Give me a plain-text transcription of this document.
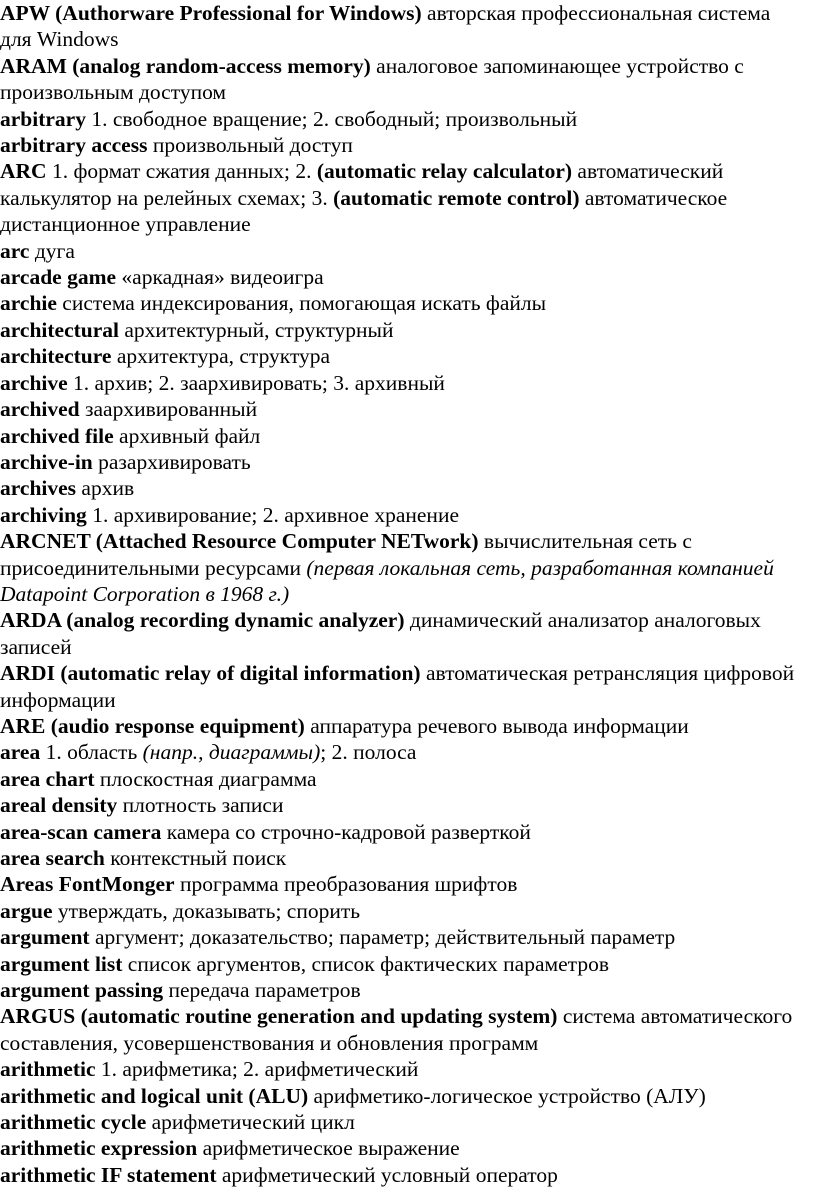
APW (Authorware Professional for Windows) авторская профессиональная система для Windows

ARAM (analog random-access memory) аналоговое запоминающее устройство с произвольным доступом

arbitrary 1. свободное вращение; 2. свободный; произвольный

arbitrary access произвольный доступ

ARC 1. формат сжатия данных; 2. (automatic relay calculator) автоматический калькулятор на релейных схемах; 3. (automatic remote control) автоматическое дистанционное управление

arc дуга

arcade game «аркадная» видеоигра

archie система индексирования, помогающая искать файлы

architectural архитектурный, структурный

architecture архитектура, структура

archive 1. архив; 2. заархивировать; 3. архивный

archived заархивированный

archived file архивный файл

archive-in разархивировать

archives архив

archiving 1. архивирование; 2. архивное хранение

ARCNET (Attached Resource Computer NETwork) вычислительная сеть с присоединительными ресурсами (первая локальная сеть, разработанная компанией Datapoint Corporation в 1968 г.)

ARDA (analog recording dynamic analyzer) динамический анализатор аналоговых записей

ARDI (automatic relay of digital information) автоматическая ретрансляция цифровой информации

ARE (audio response equipment) аппаратура речевого вывода информации

area 1. область (напр., диаграммы); 2. полоса

area chart плоскостная диаграмма

areal density плотность записи

area-scan camera камера со строчно-кадровой разверткой

area search контекстный поиск

Areas FontMonger программа преобразования шрифтов

argue утверждать, доказывать; спорить

argument аргумент; доказательство; параметр; действительный параметр

argument list список аргументов, список фактических параметров

argument passing передача параметров

ARGUS (automatic routine generation and updating system) система автоматического составления, усовершенствования и обновления программ

arithmetic 1. арифметика; 2. арифметический

arithmetic and logical unit (ALU) арифметико-логическое устройство (АЛУ)

arithmetic cycle арифметический цикл

arithmetic expression арифметическое выражение

arithmetic IF statement арифметический условный оператор
